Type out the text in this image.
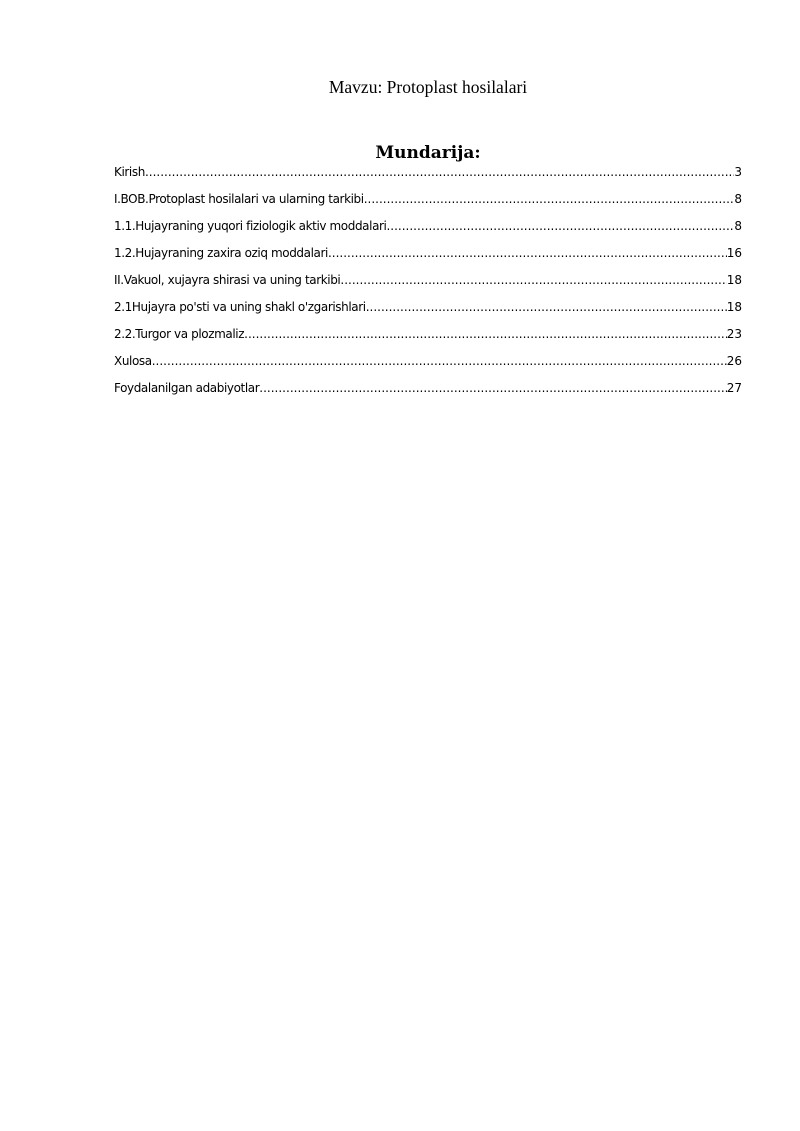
Mavzu: Protoplast hosilalari
Mundarija:
Kirish .....	3
I.BOB.Protoplast hosilalari va ularning tarkibi .....	8
1.1.Hujayraning yuqori fiziologik aktiv moddalari .....	8
1.2.Hujayraning zaxira oziq moddalari .....	16
II.Vakuol, xujayra shirasi va uning tarkibi .....	18
2.1Hujayra po'sti va uning shakl o'zgarishlari .....	18
2.2.Turgor va plozmaliz .....	23
Xulosa .....	26
Foydalanilgan adabiyotlar .....	27
